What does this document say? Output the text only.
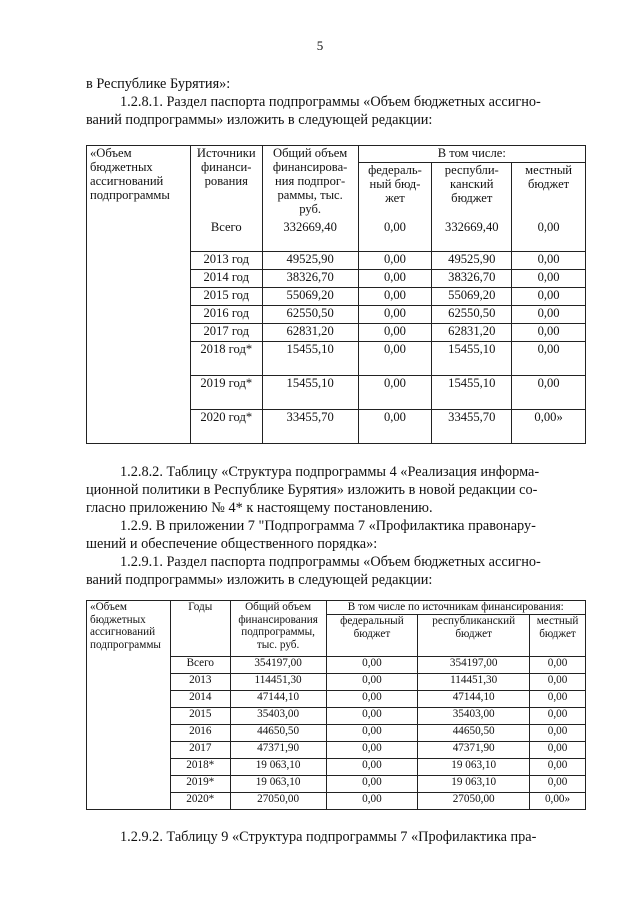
5
в Республике Бурятия»:
1.2.8.1. Раздел паспорта подпрограммы «Объем бюджетных ассигно-
ваний подпрограммы» изложить в следующей редакции:
«Объем бюджетных ассигнований подпрограммы	Источники финанси-рования	Общий объем финансирова-ния подпрог-раммы, тыс. руб.	В том числе:		
			федераль-ный бюд-жет	республи-канский бюджет	местный бюджет
	Всего	332669,40	0,00	332669,40	0,00
	2013 год	49525,90	0,00	49525,90	0,00
	2014 год	38326,70	0,00	38326,70	0,00
	2015 год	55069,20	0,00	55069,20	0,00
	2016 год	62550,50	0,00	62550,50	0,00
	2017 год	62831,20	0,00	62831,20	0,00
	2018 год*	15455,10	0,00	15455,10	0,00
	2019 год*	15455,10	0,00	15455,10	0,00
	2020 год*	33455,70	0,00	33455,70	0,00»
1.2.8.2. Таблицу «Структура подпрограммы 4 «Реализация информа-
ционной политики в Республике Бурятия» изложить в новой редакции со-
гласно приложению № 4* к настоящему постановлению.
1.2.9. В приложении 7 "Подпрограмма 7 «Профилактика правонару-
шений и обеспечение общественного порядка»:
1.2.9.1. Раздел паспорта подпрограммы «Объем бюджетных ассигно-
ваний подпрограммы» изложить в следующей редакции:
«Объем бюджетных ассигнований подпрограммы	Годы	Общий объем финансирования подпрограммы, тыс. руб.	В том числе по источникам финансирования:		
			федеральный бюджет	республиканский бюджет	местный бюджет
	Всего	354197,00	0,00	354197,00	0,00
	2013	114451,30	0,00	114451,30	0,00
	2014	47144,10	0,00	47144,10	0,00
	2015	35403,00	0,00	35403,00	0,00
	2016	44650,50	0,00	44650,50	0,00
	2017	47371,90	0,00	47371,90	0,00
	2018*	19 063,10	0,00	19 063,10	0,00
	2019*	19 063,10	0,00	19 063,10	0,00
	2020*	27050,00	0,00	27050,00	0,00»
1.2.9.2. Таблицу 9 «Структура подпрограммы 7 «Профилактика пра-
